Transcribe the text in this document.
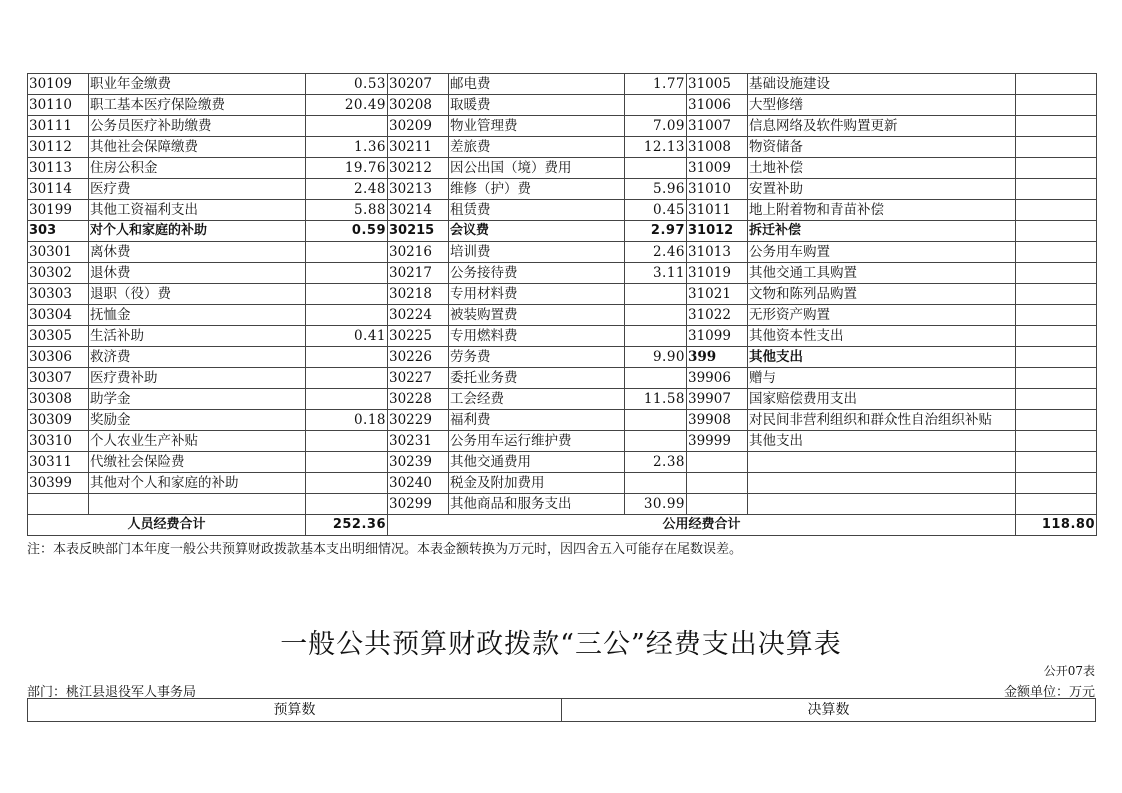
30109	职业年金缴费	0.53	30207	邮电费	1.77	31005	基础设施建设	
30110	职工基本医疗保险缴费	20.49	30208	取暖费		31006	大型修缮	
30111	公务员医疗补助缴费		30209	物业管理费	7.09	31007	信息网络及软件购置更新	
30112	其他社会保障缴费	1.36	30211	差旅费	12.13	31008	物资储备	
30113	住房公积金	19.76	30212	因公出国（境）费用		31009	土地补偿	
30114	医疗费	2.48	30213	维修（护）费	5.96	31010	安置补助	
30199	其他工资福利支出	5.88	30214	租赁费	0.45	31011	地上附着物和青苗补偿	
303	对个人和家庭的补助	0.59	30215	会议费	2.97	31012	拆迁补偿	
30301	离休费		30216	培训费	2.46	31013	公务用车购置	
30302	退休费		30217	公务接待费	3.11	31019	其他交通工具购置	
30303	退职（役）费		30218	专用材料费		31021	文物和陈列品购置	
30304	抚恤金		30224	被装购置费		31022	无形资产购置	
30305	生活补助	0.41	30225	专用燃料费		31099	其他资本性支出	
30306	救济费		30226	劳务费	9.90	399	其他支出	
30307	医疗费补助		30227	委托业务费		39906	赠与	
30308	助学金		30228	工会经费	11.58	39907	国家赔偿费用支出	
30309	奖励金	0.18	30229	福利费		39908	对民间非营利组织和群众性自治组织补贴	
30310	个人农业生产补贴		30231	公务用车运行维护费		39999	其他支出	
30311	代缴社会保险费		30239	其他交通费用	2.38			
30399	其他对个人和家庭的补助		30240	税金及附加费用				
			30299	其他商品和服务支出	30.99			
人员经费合计		252.36	公用经费合计					118.80
注：本表反映部门本年度一般公共预算财政拨款基本支出明细情况。本表金额转换为万元时，因四舍五入可能存在尾数误差。
一般公共预算财政拨款“三公”经费支出决算表
公开07表
部门：桃江县退役军人事务局	金额单位：万元
预算数	决算数
